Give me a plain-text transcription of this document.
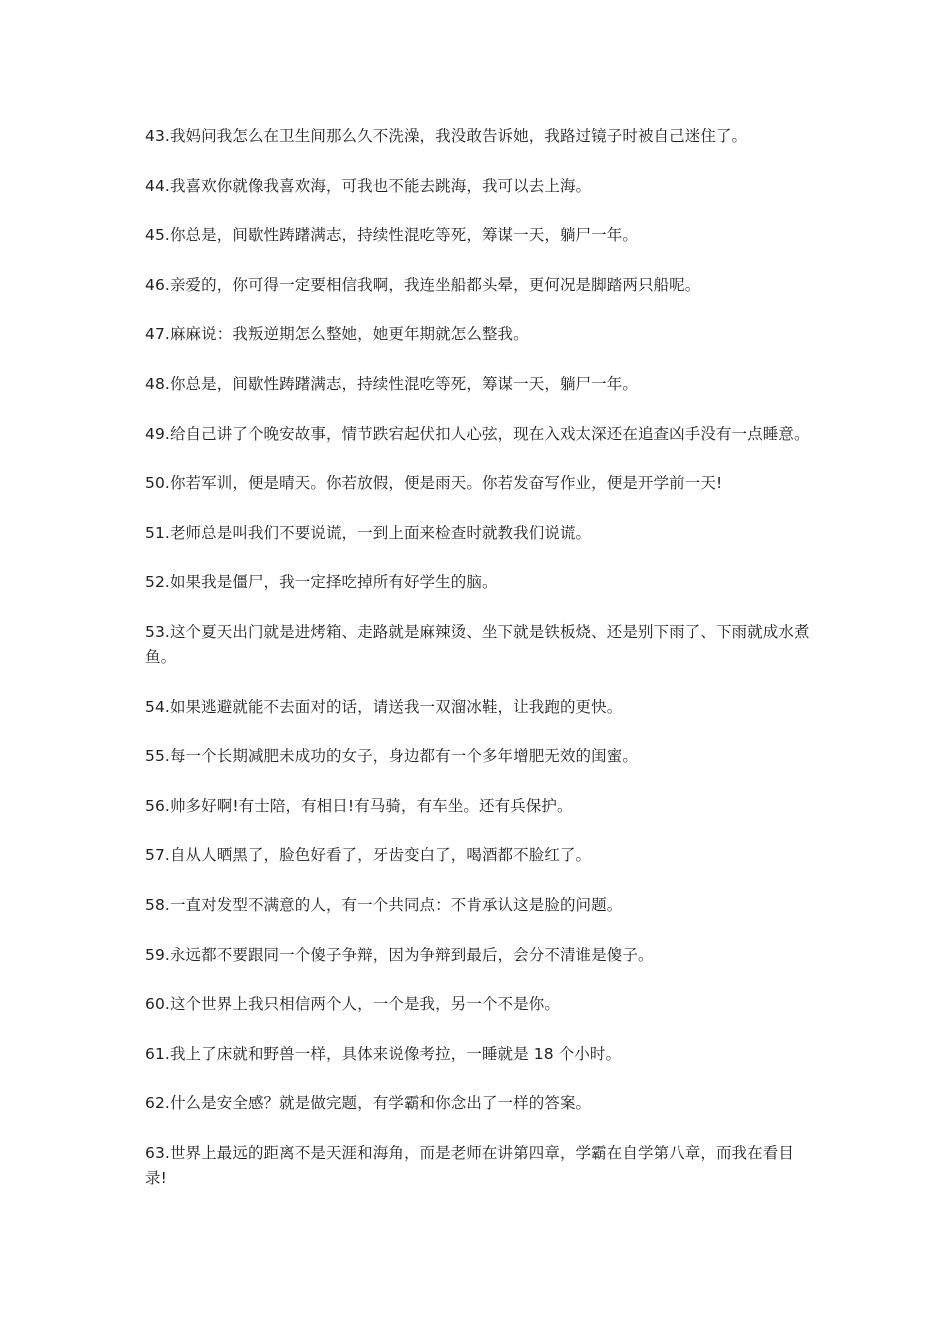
43.我妈问我怎么在卫生间那么久不洗澡，我没敢告诉她，我路过镜子时被自己迷住了。
44.我喜欢你就像我喜欢海，可我也不能去跳海，我可以去上海。
45.你总是，间歇性踌躇满志，持续性混吃等死，筹谋一天，躺尸一年。
46.亲爱的，你可得一定要相信我啊，我连坐船都头晕，更何况是脚踏两只船呢。
47.麻麻说：我叛逆期怎么整她，她更年期就怎么整我。
48.你总是，间歇性踌躇满志，持续性混吃等死，筹谋一天，躺尸一年。
49.给自己讲了个晚安故事，情节跌宕起伏扣人心弦，现在入戏太深还在追查凶手没有一点睡意。
50.你若军训，便是晴天。你若放假，便是雨天。你若发奋写作业，便是开学前一天!
51.老师总是叫我们不要说谎，一到上面来检查时就教我们说谎。
52.如果我是僵尸，我一定择吃掉所有好学生的脑。
53.这个夏天出门就是进烤箱、走路就是麻辣烫、坐下就是铁板烧、还是别下雨了、下雨就成水煮鱼。
54.如果逃避就能不去面对的话，请送我一双溜冰鞋，让我跑的更快。
55.每一个长期减肥未成功的女子，身边都有一个多年增肥无效的闺蜜。
56.帅多好啊!有士陪，有相日!有马骑，有车坐。还有兵保护。
57.自从人晒黑了，脸色好看了，牙齿变白了，喝酒都不脸红了。
58.一直对发型不满意的人，有一个共同点：不肯承认这是脸的问题。
59.永远都不要跟同一个傻子争辩，因为争辩到最后，会分不清谁是傻子。
60.这个世界上我只相信两个人，一个是我，另一个不是你。
61.我上了床就和野兽一样，具体来说像考拉，一睡就是 18 个小时。
62.什么是安全感？就是做完题，有学霸和你念出了一样的答案。
63.世界上最远的距离不是天涯和海角，而是老师在讲第四章，学霸在自学第八章，而我在看目录!
